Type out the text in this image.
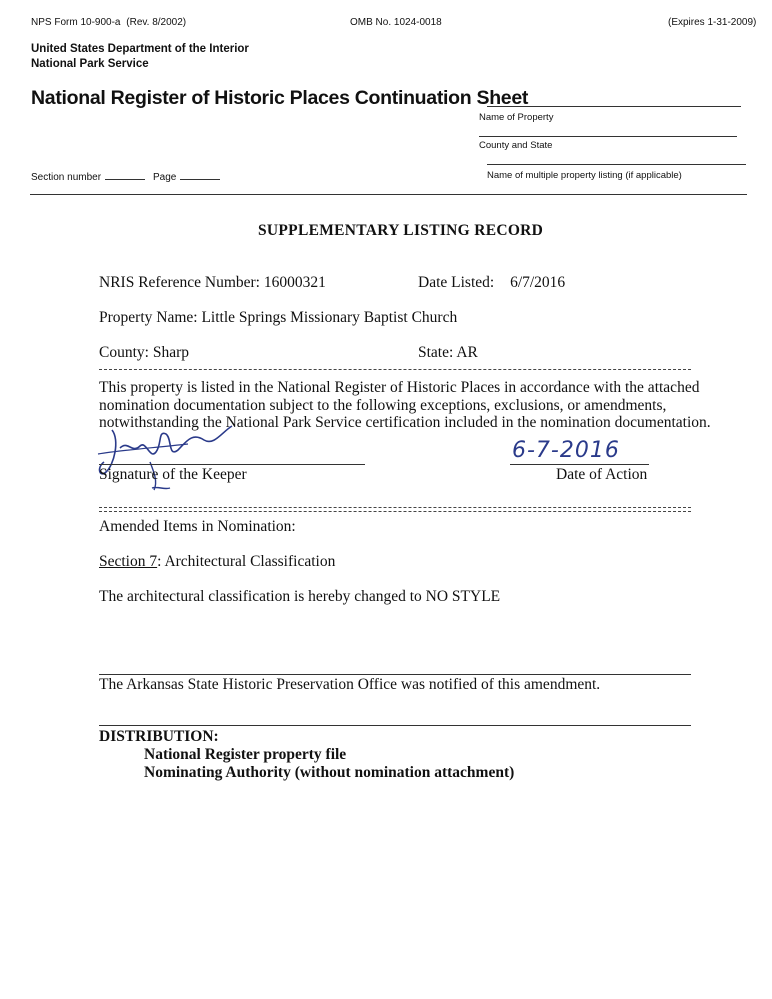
NPS Form 10-900-a (Rev. 8/2002)	OMB No. 1024-0018	(Expires 1-31-2009)
United States Department of the Interior
National Park Service
National Register of Historic Places Continuation Sheet
Name of Property
County and State
Name of multiple property listing (if applicable)
Section number	Page
SUPPLEMENTARY LISTING RECORD
NRIS Reference Number: 16000321	Date Listed: 6/7/2016
Property Name: Little Springs Missionary Baptist Church
County: Sharp	State: AR
This property is listed in the National Register of Historic Places in accordance with the attached
nomination documentation subject to the following exceptions, exclusions, or amendments,
notwithstanding the National Park Service certification included in the nomination documentation.
Signature of the Keeper
6-7-2016
Date of Action
Amended Items in Nomination:
Section 7: Architectural Classification
The architectural classification is hereby changed to NO STYLE
The Arkansas State Historic Preservation Office was notified of this amendment.
DISTRIBUTION:
National Register property file
Nominating Authority (without nomination attachment)
